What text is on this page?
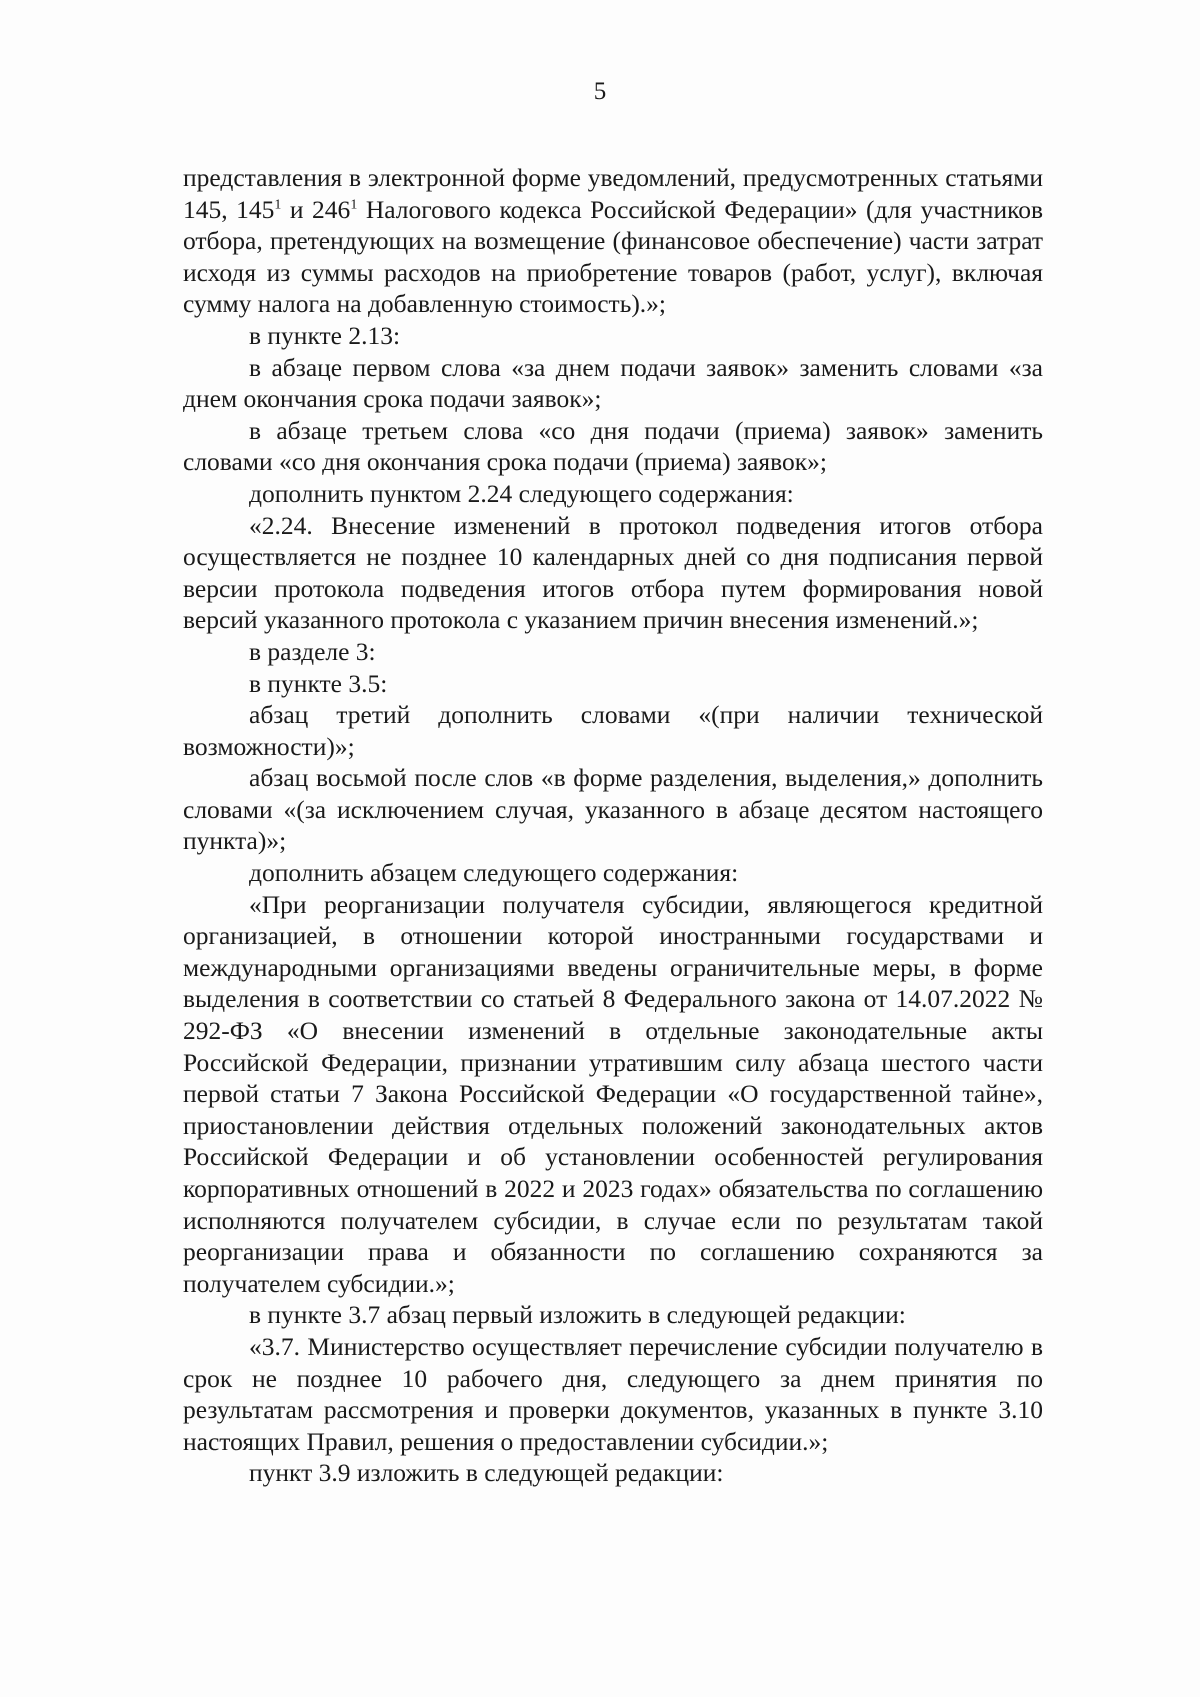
5

представления в электронной форме уведомлений, предусмотренных статьями 145, $145^1$ и $246^1$ Налогового кодекса Российской Федерации» (для участников отбора, претендующих на возмещение (финансовое обеспечение) части затрат исходя из суммы расходов на приобретение товаров (работ, услуг), включая сумму налога на добавленную стоимость).»;

в пункте 2.13:

в абзаце первом слова «за днем подачи заявок» заменить словами «за днем окончания срока подачи заявок»;

в абзаце третьем слова «со дня подачи (приема) заявок» заменить словами «со дня окончания срока подачи (приема) заявок»;

дополнить пунктом 2.24 следующего содержания:

«2.24. Внесение изменений в протокол подведения итогов отбора осуществляется не позднее 10 календарных дней со дня подписания первой версии протокола подведения итогов отбора путем формирования новой версий указанного протокола с указанием причин внесения изменений.»;

в разделе 3:

в пункте 3.5:

абзац третий дополнить словами «(при наличии технической возможности)»;

абзац восьмой после слов «в форме разделения, выделения,» дополнить словами «(за исключением случая, указанного в абзаце десятом настоящего пункта)»;

дополнить абзацем следующего содержания:

«При реорганизации получателя субсидии, являющегося кредитной организацией, в отношении которой иностранными государствами и международными организациями введены ограничительные меры, в форме выделения в соответствии со статьей 8 Федерального закона от 14.07.2022 № 292-ФЗ «О внесении изменений в отдельные законодательные акты Российской Федерации, признании утратившим силу абзаца шестого части первой статьи 7 Закона Российской Федерации «О государственной тайне», приостановлении действия отдельных положений законодательных актов Российской Федерации и об установлении особенностей регулирования корпоративных отношений в 2022 и 2023 годах» обязательства по соглашению исполняются получателем субсидии, в случае если по результатам такой реорганизации права и обязанности по соглашению сохраняются за получателем субсидии.»;

в пункте 3.7 абзац первый изложить в следующей редакции:

«3.7. Министерство осуществляет перечисление субсидии получателю в срок не позднее 10 рабочего дня, следующего за днем принятия по результатам рассмотрения и проверки документов, указанных в пункте 3.10 настоящих Правил, решения о предоставлении субсидии.»;

пункт 3.9 изложить в следующей редакции:
